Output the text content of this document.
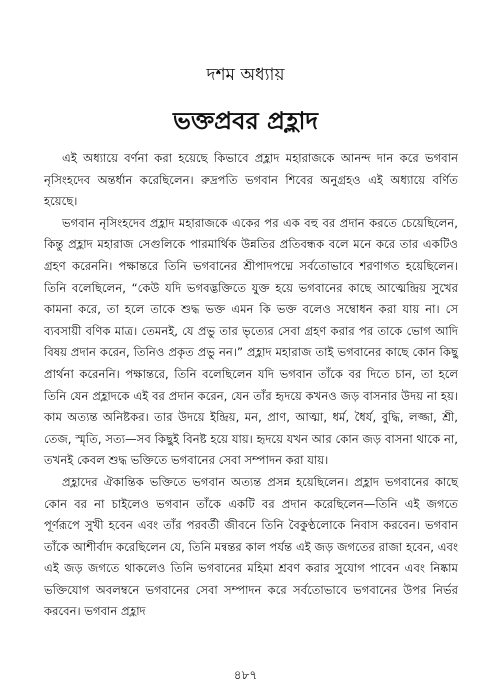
দশম অধ্যায়
ভক্তপ্রবর প্রহ্লাদ

এই অধ্যায়ে বর্ণনা করা হয়েছে কিভাবে প্রহ্লাদ মহারাজকে আনন্দ দান করে ভগবান নৃসিংহদেব অন্তর্ধান করেছিলেন। রুদ্রপতি ভগবান শিবের অনুগ্রহও এই অধ্যায়ে বর্ণিত হয়েছে।

ভগবান নৃসিংহদেব প্রহ্লাদ মহারাজকে একের পর এক বহু বর প্রদান করতে চেয়েছিলেন, কিন্তু প্রহ্লাদ মহারাজ সেগুলিকে পারমার্থিক উন্নতির প্রতিবন্ধক বলে মনে করে তার একটিও গ্রহণ করেননি। পক্ষান্তরে তিনি ভগবানের শ্রীপাদপদ্মে সর্বতোভাবে শরণাগত হয়েছিলেন। তিনি বলেছিলেন, “কেউ যদি ভগবদ্ভক্তিতে যুক্ত হয়ে ভগবানের কাছে আত্মেন্দ্রিয় সুখের কামনা করে, তা হলে তাকে শুদ্ধ ভক্ত এমন কি ভক্ত বলেও সম্বোধন করা যায় না। সে ব্যবসায়ী বণিক মাত্র। তেমনই, যে প্রভু তার ভৃত্যের সেবা গ্রহণ করার পর তাকে ভোগ আদি বিষয় প্রদান করেন, তিনিও প্রকৃত প্রভু নন।” প্রহ্লাদ মহারাজ তাই ভগবানের কাছে কোন কিছু প্রার্থনা করেননি। পক্ষান্তরে, তিনি বলেছিলেন যদি ভগবান তাঁকে বর দিতে চান, তা হলে তিনি যেন প্রহ্লাদকে এই বর প্রদান করেন, যেন তাঁর হৃদয়ে কখনও জড় বাসনার উদয় না হয়। কাম অত্যন্ত অনিষ্টকর। তার উদয়ে ইন্দ্রিয়, মন, প্রাণ, আত্মা, ধর্ম, ধৈর্য, বুদ্ধি, লজ্জা, শ্রী, তেজ, স্মৃতি, সত্য—সব কিছুই বিনষ্ট হয়ে যায়। হৃদয়ে যখন আর কোন জড় বাসনা থাকে না, তখনই কেবল শুদ্ধ ভক্তিতে ভগবানের সেবা সম্পাদন করা যায়।

প্রহ্লাদের ঐকান্তিক ভক্তিতে ভগবান অত্যন্ত প্রসন্ন হয়েছিলেন। প্রহ্লাদ ভগবানের কাছে কোন বর না চাইলেও ভগবান তাঁকে একটি বর প্রদান করেছিলেন—তিনি এই জগতে পূর্ণরূপে সুখী হবেন এবং তাঁর পরবর্তী জীবনে তিনি বৈকুণ্ঠলোকে নিবাস করবেন। ভগবান তাঁকে আশীর্বাদ করেছিলেন যে, তিনি মন্বন্তর কাল পর্যন্ত এই জড় জগতের রাজা হবেন, এবং এই জড় জগতে থাকলেও তিনি ভগবানের মহিমা শ্রবণ করার সুযোগ পাবেন এবং নিষ্কাম ভক্তিযোগ অবলম্বনে ভগবানের সেবা সম্পাদন করে সর্বতোভাবে ভগবানের উপর নির্ভর করবেন। ভগবান প্রহ্লাদ

৪৮৭
